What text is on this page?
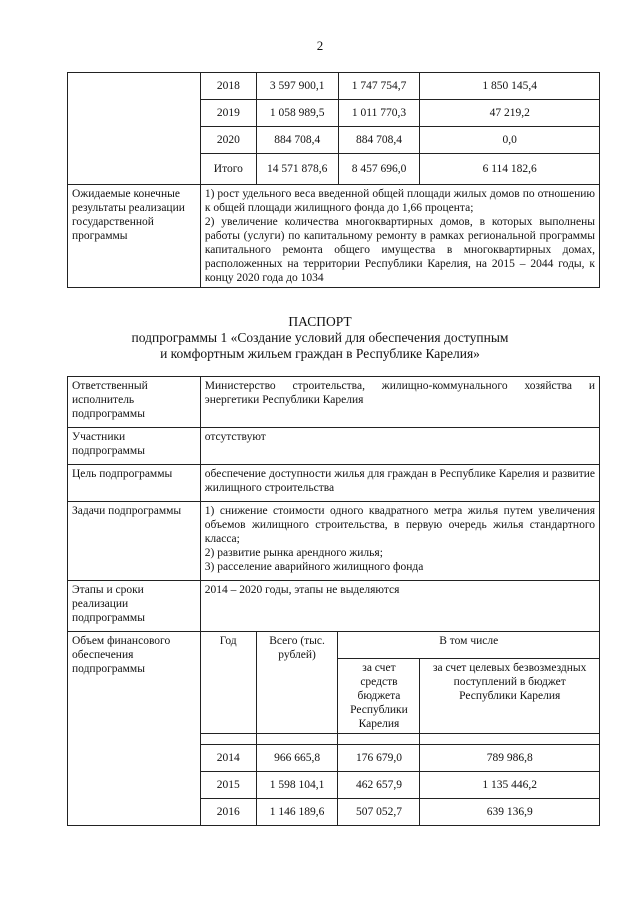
2
	2018	3 597 900,1	1 747 754,7	1 850 145,4
	2019	1 058 989,5	1 011 770,3	47 219,2
	2020	884 708,4	884 708,4	0,0
	Итого	14 571 878,6	8 457 696,0	6 114 182,6
Ожидаемые конечные результаты реализации государственной программы	1) рост удельного веса введенной общей площади жилых домов по отношению к общей площади жилищного фонда до 1,66 процента;
2) увеличение количества многоквартирных домов, в которых выполнены работы (услуги) по капитальному ремонту в рамках региональной программы капитального ремонта общего имущества в многоквартирных домах, расположенных на территории Республики Карелия, на 2015 – 2044 годы, к концу 2020 года до 1034			
ПАСПОРТ
подпрограммы 1 «Создание условий для обеспечения доступным
и комфортным жильем граждан в Республике Карелия»
Ответственный исполнитель подпрограммы	Министерство строительства, жилищно-коммунального хозяйства и энергетики Республики Карелия			
Участники подпрограммы	отсутствуют			
Цель подпрограммы	обеспечение доступности жилья для граждан в Республике Карелия и развитие жилищного строительства			
Задачи подпрограммы	1) снижение стоимости одного квадратного метра жилья путем увеличения объемов жилищного строительства, в первую очередь жилья стандартного класса;
2) развитие рынка арендного жилья;
3) расселение аварийного жилищного фонда			

Этапы и сроки реализации подпрограммы	2014 – 2020 годы, этапы не выделяются			
Объем финансового обеспечения подпрограммы	Год	Всего (тыс. рублей)	В том числе	
			за счет средств бюджета Республики Карелия	за счет целевых безвозмездных поступлений в бюджет Республики Карелия

	2014	966 665,8	176 679,0	789 986,8
	2015	1 598 104,1	462 657,9	1 135 446,2
	2016	1 146 189,6	507 052,7	639 136,9
